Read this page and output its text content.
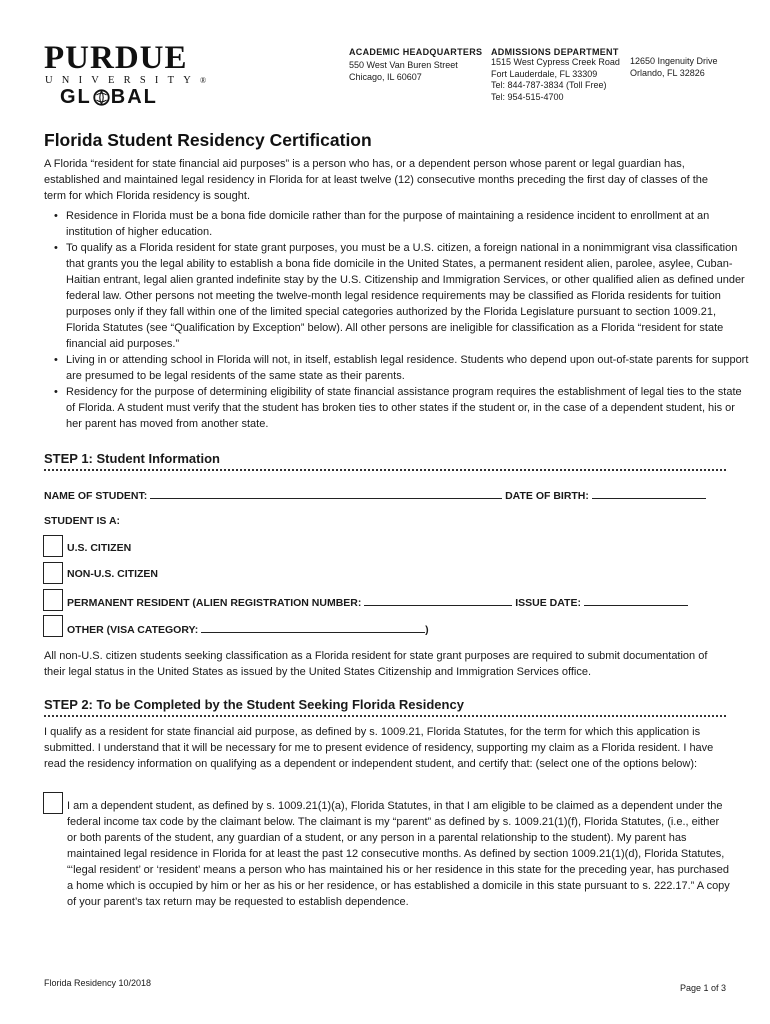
PURDUE
UNIVERSITY®
GL BAL
ACADEMIC HEADQUARTERS
550 West Van Buren Street
Chicago, IL 60607
ADMISSIONS DEPARTMENT
1515 West Cypress Creek Road
Fort Lauderdale, FL 33309
Tel: 844-787-3834 (Toll Free)
Tel: 954-515-4700
12650 Ingenuity Drive
Orlando, FL 32826
Florida Student Residency Certification

A Florida “resident for state financial aid purposes” is a person who has, or a dependent person whose parent or legal guardian has, established and maintained legal residency in Florida for at least twelve (12) consecutive months preceding the first day of classes of the term for which Florida residency is sought.

• Residence in Florida must be a bona fide domicile rather than for the purpose of maintaining a residence incident to enrollment at an institution of higher education.
• To qualify as a Florida resident for state grant purposes, you must be a U.S. citizen, a foreign national in a nonimmigrant visa classification that grants you the legal ability to establish a bona fide domicile in the United States, a permanent resident alien, parolee, asylee, Cuban-Haitian entrant, legal alien granted indefinite stay by the U.S. Citizenship and Immigration Services, or other qualified alien as defined under federal law. Other persons not meeting the twelve-month legal residence requirements may be classified as Florida residents for tuition purposes only if they fall within one of the limited special categories authorized by the Florida Legislature pursuant to section 1009.21, Florida Statutes (see “Qualification by Exception” below). All other persons are ineligible for classification as a Florida “resident for state financial aid purposes.”
• Living in or attending school in Florida will not, in itself, establish legal residence. Students who depend upon out-of-state parents for support are presumed to be legal residents of the same state as their parents.
• Residency for the purpose of determining eligibility of state financial assistance program requires the establishment of legal ties to the state of Florida. A student must verify that the student has broken ties to other states if the student or, in the case of a dependent student, his or her parent has moved from another state.
STEP 1: Student Information
NAME OF STUDENT:	DATE OF BIRTH:
STUDENT IS A:
U.S. CITIZEN
NON-U.S. CITIZEN
PERMANENT RESIDENT (ALIEN REGISTRATION NUMBER:	ISSUE DATE:
OTHER (VISA CATEGORY:	)

All non-U.S. citizen students seeking classification as a Florida resident for state grant purposes are required to submit documentation of their legal status in the United States as issued by the United States Citizenship and Immigration Services office.

STEP 2: To be Completed by the Student Seeking Florida Residency

I qualify as a resident for state financial aid purpose, as defined by s. 1009.21, Florida Statutes, for the term for which this application is submitted. I understand that it will be necessary for me to present evidence of residency, supporting my claim as a Florida resident. I have read the residency information on qualifying as a dependent or independent student, and certify that: (select one of the options below):

I am a dependent student, as defined by s. 1009.21(1)(a), Florida Statutes, in that I am eligible to be claimed as a dependent under the federal income tax code by the claimant below. The claimant is my “parent” as defined by s. 1009.21(1)(f), Florida Statutes, (i.e., either or both parents of the student, any guardian of a student, or any person in a parental relationship to the student). My parent has maintained legal residence in Florida for at least the past 12 consecutive months. As defined by section 1009.21(1)(d), Florida Statutes, “‘legal resident’ or ‘resident’ means a person who has maintained his or her residence in this state for the preceding year, has purchased a home which is occupied by him or her as his or her residence, or has established a domicile in this state pursuant to s. 222.17.” A copy of your parent’s tax return may be requested to establish dependence.

Florida Residency 10/2018	Page 1 of 3
